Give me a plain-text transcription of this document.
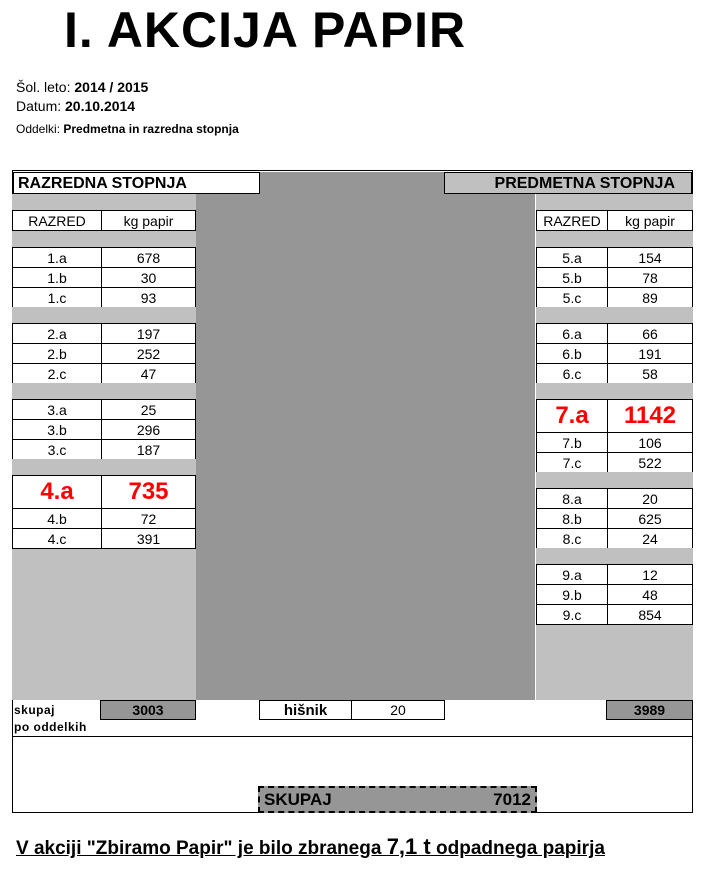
I. AKCIJA PAPIR
Šol. leto: 2014 / 2015
Datum: 20.10.2014
Oddelki: Predmetna in razredna stopnja
RAZREDNA STOPNJA	PREDMETNA STOPNJA
RAZRED	kg papir
1.a	678
1.b	30
1.c	93
2.a	197
2.b	252
2.c	47
3.a	25
3.b	296
3.c	187
4.a	735
4.b	72
4.c	391
RAZRED	kg papir
5.a	154
5.b	78
5.c	89
6.a	66
6.b	191
6.c	58
7.a	1142
7.b	106
7.c	522
8.a	20
8.b	625
8.c	24
9.a	12
9.b	48
9.c	854
skupaj
po oddelkih
3003	hišnik	20	3989
SKUPAJ	7012
V akciji "Zbiramo Papir" je bilo zbranega 7,1 t odpadnega papirja
